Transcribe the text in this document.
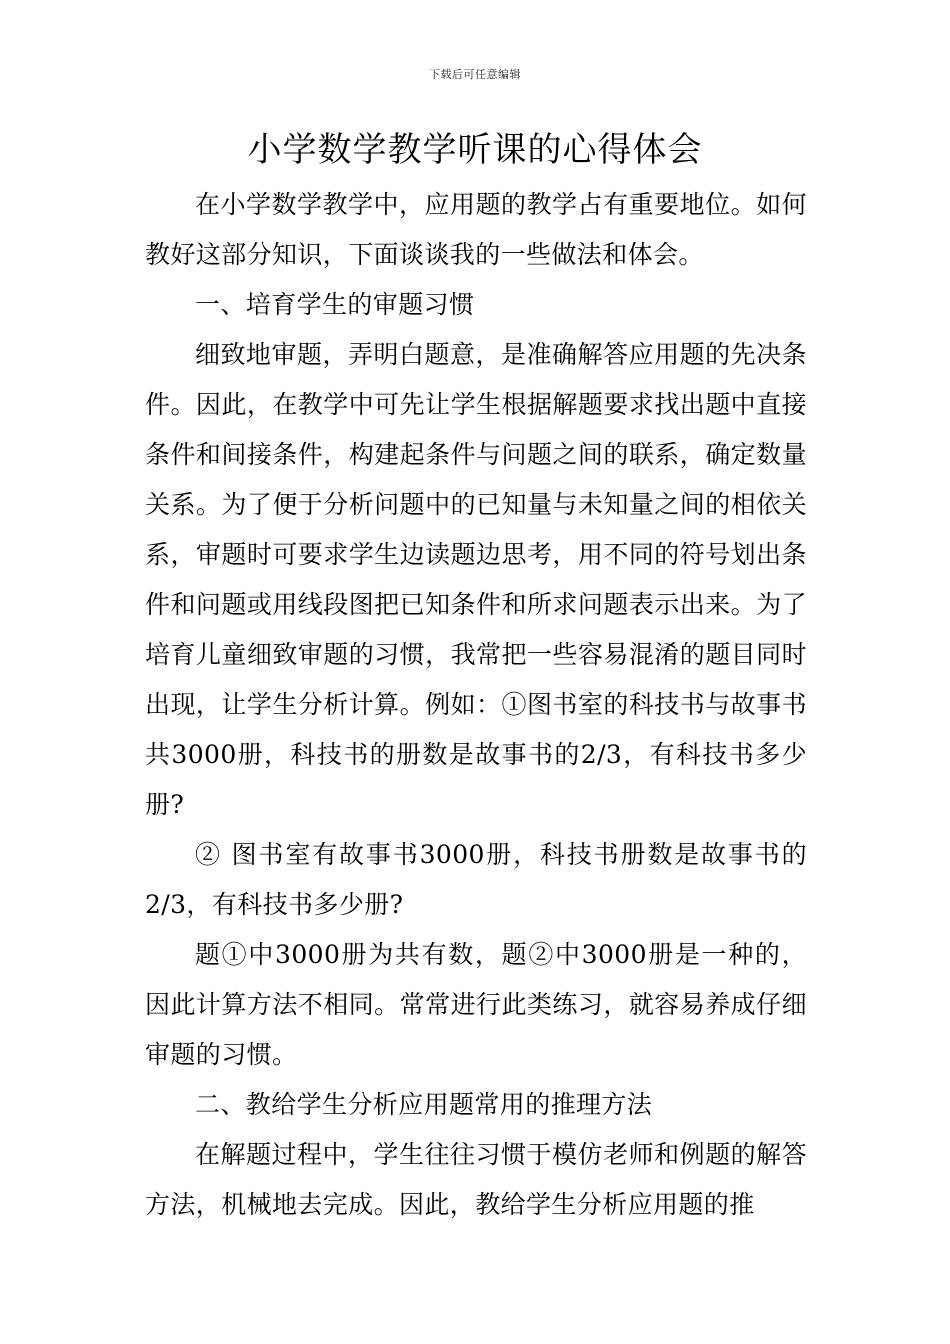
下载后可任意编辑
小学数学教学听课的心得体会

在小学数学教学中，应用题的教学占有重要地位。如何教好这部分知识，下面谈谈我的一些做法和体会。

一、培育学生的审题习惯

细致地审题，弄明白题意，是准确解答应用题的先决条件。因此，在教学中可先让学生根据解题要求找出题中直接条件和间接条件，构建起条件与问题之间的联系，确定数量关系。为了便于分析问题中的已知量与未知量之间的相依关系，审题时可要求学生边读题边思考，用不同的符号划出条件和问题或用线段图把已知条件和所求问题表示出来。为了培育儿童细致审题的习惯，我常把一些容易混淆的题目同时出现，让学生分析计算。例如：①图书室的科技书与故事书共3000册，科技书的册数是故事书的2/3，有科技书多少册?

② 图书室有故事书3000册，科技书册数是故事书的2/3，有科技书多少册?

题①中3000册为共有数，题②中3000册是一种的，因此计算方法不相同。常常进行此类练习，就容易养成仔细审题的习惯。

二、教给学生分析应用题常用的推理方法

在解题过程中，学生往往习惯于模仿老师和例题的解答方法，机械地去完成。因此，教给学生分析应用题的推
